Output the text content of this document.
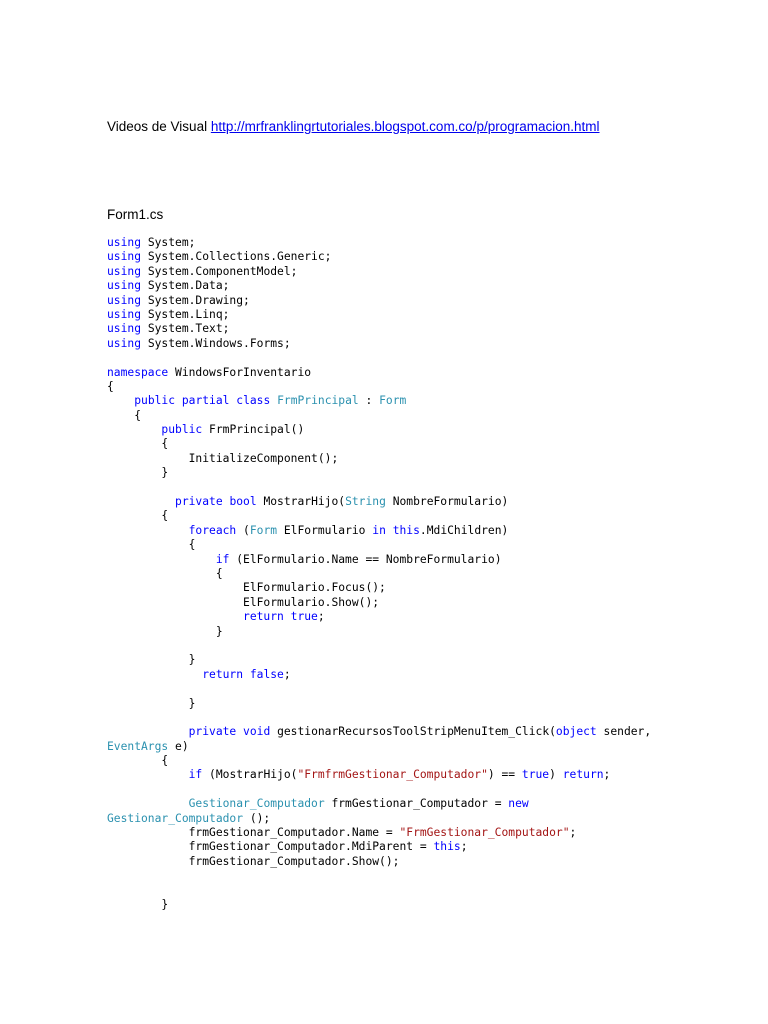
Videos de Visual http://mrfranklingrtutoriales.blogspot.com.co/p/programacion.html
Form1.cs
using System;
using System.Collections.Generic;
using System.ComponentModel;
using System.Data;
using System.Drawing;
using System.Linq;
using System.Text;
using System.Windows.Forms;
namespace WindowsForInventario
{
public partial class FrmPrincipal : Form
{
public FrmPrincipal()
{
InitializeComponent();
}
private bool MostrarHijo(String NombreFormulario)
{
foreach (Form ElFormulario in this.MdiChildren)
{
if (ElFormulario.Name == NombreFormulario)
{
ElFormulario.Focus();
ElFormulario.Show();
return true;
}
}
return false;
}
private void gestionarRecursosToolStripMenuItem_Click(object sender,
EventArgs e)
{
if (MostrarHijo("FrmfrmGestionar_Computador") == true) return;
Gestionar_Computador frmGestionar_Computador = new
Gestionar_Computador ();
frmGestionar_Computador.Name = "FrmGestionar_Computador";
frmGestionar_Computador.MdiParent = this;
frmGestionar_Computador.Show();
}
